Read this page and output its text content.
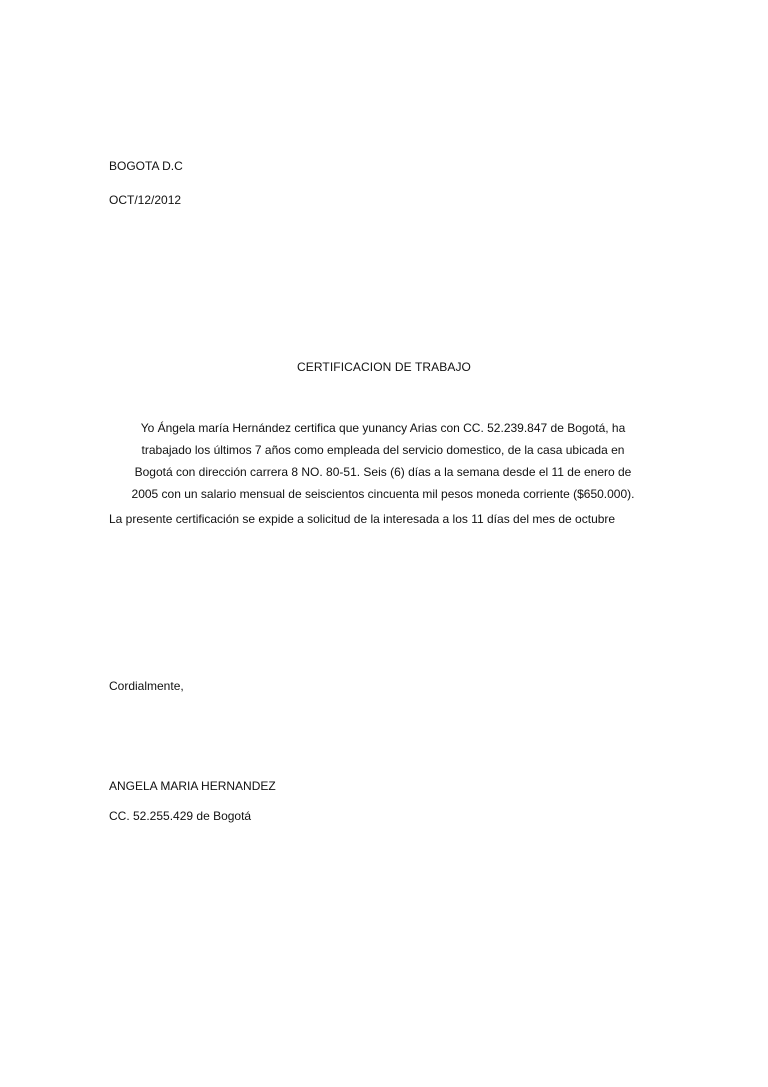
BOGOTA D.C
OCT/12/2012
CERTIFICACION DE TRABAJO
Yo Ángela maría Hernández certifica que yunancy Arias con CC. 52.239.847 de Bogotá, ha
trabajado los últimos 7 años como empleada del servicio domestico, de la casa ubicada en
Bogotá con dirección carrera 8 NO. 80-51. Seis (6) días a la semana desde el 11 de enero de
2005 con un salario mensual de seiscientos cincuenta mil pesos moneda corriente ($650.000).
La presente certificación se expide a solicitud de la interesada a los 11 días del mes de octubre
Cordialmente,
ANGELA MARIA HERNANDEZ
CC. 52.255.429 de Bogotá
